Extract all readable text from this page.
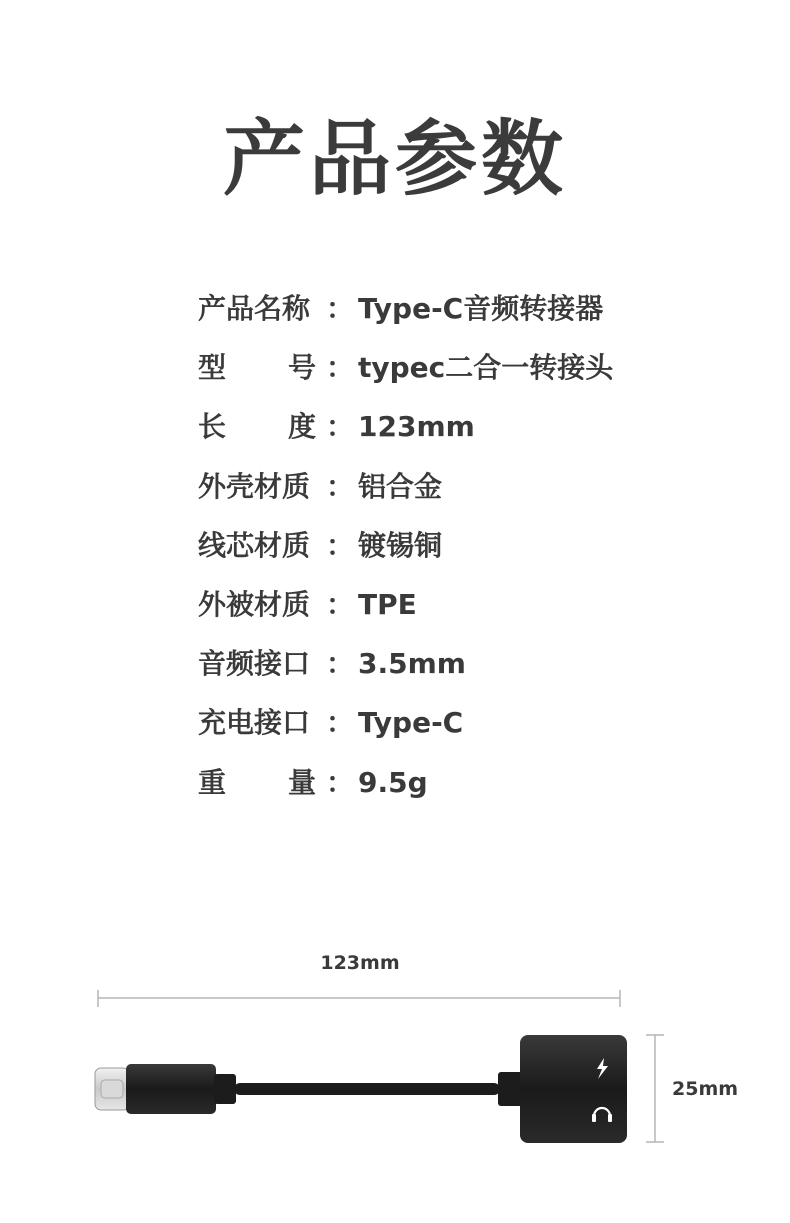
产品参数
产品名称 ： Type-C音频转接器
型 号 ： typec二合一转接头
长 度 ： 123mm
外壳材质 ： 铝合金
线芯材质 ： 镀锡铜
外被材质 ： TPE
音频接口 ： 3.5mm
充电接口 ： Type-C
重 量 ： 9.5g
123mm
25mm
